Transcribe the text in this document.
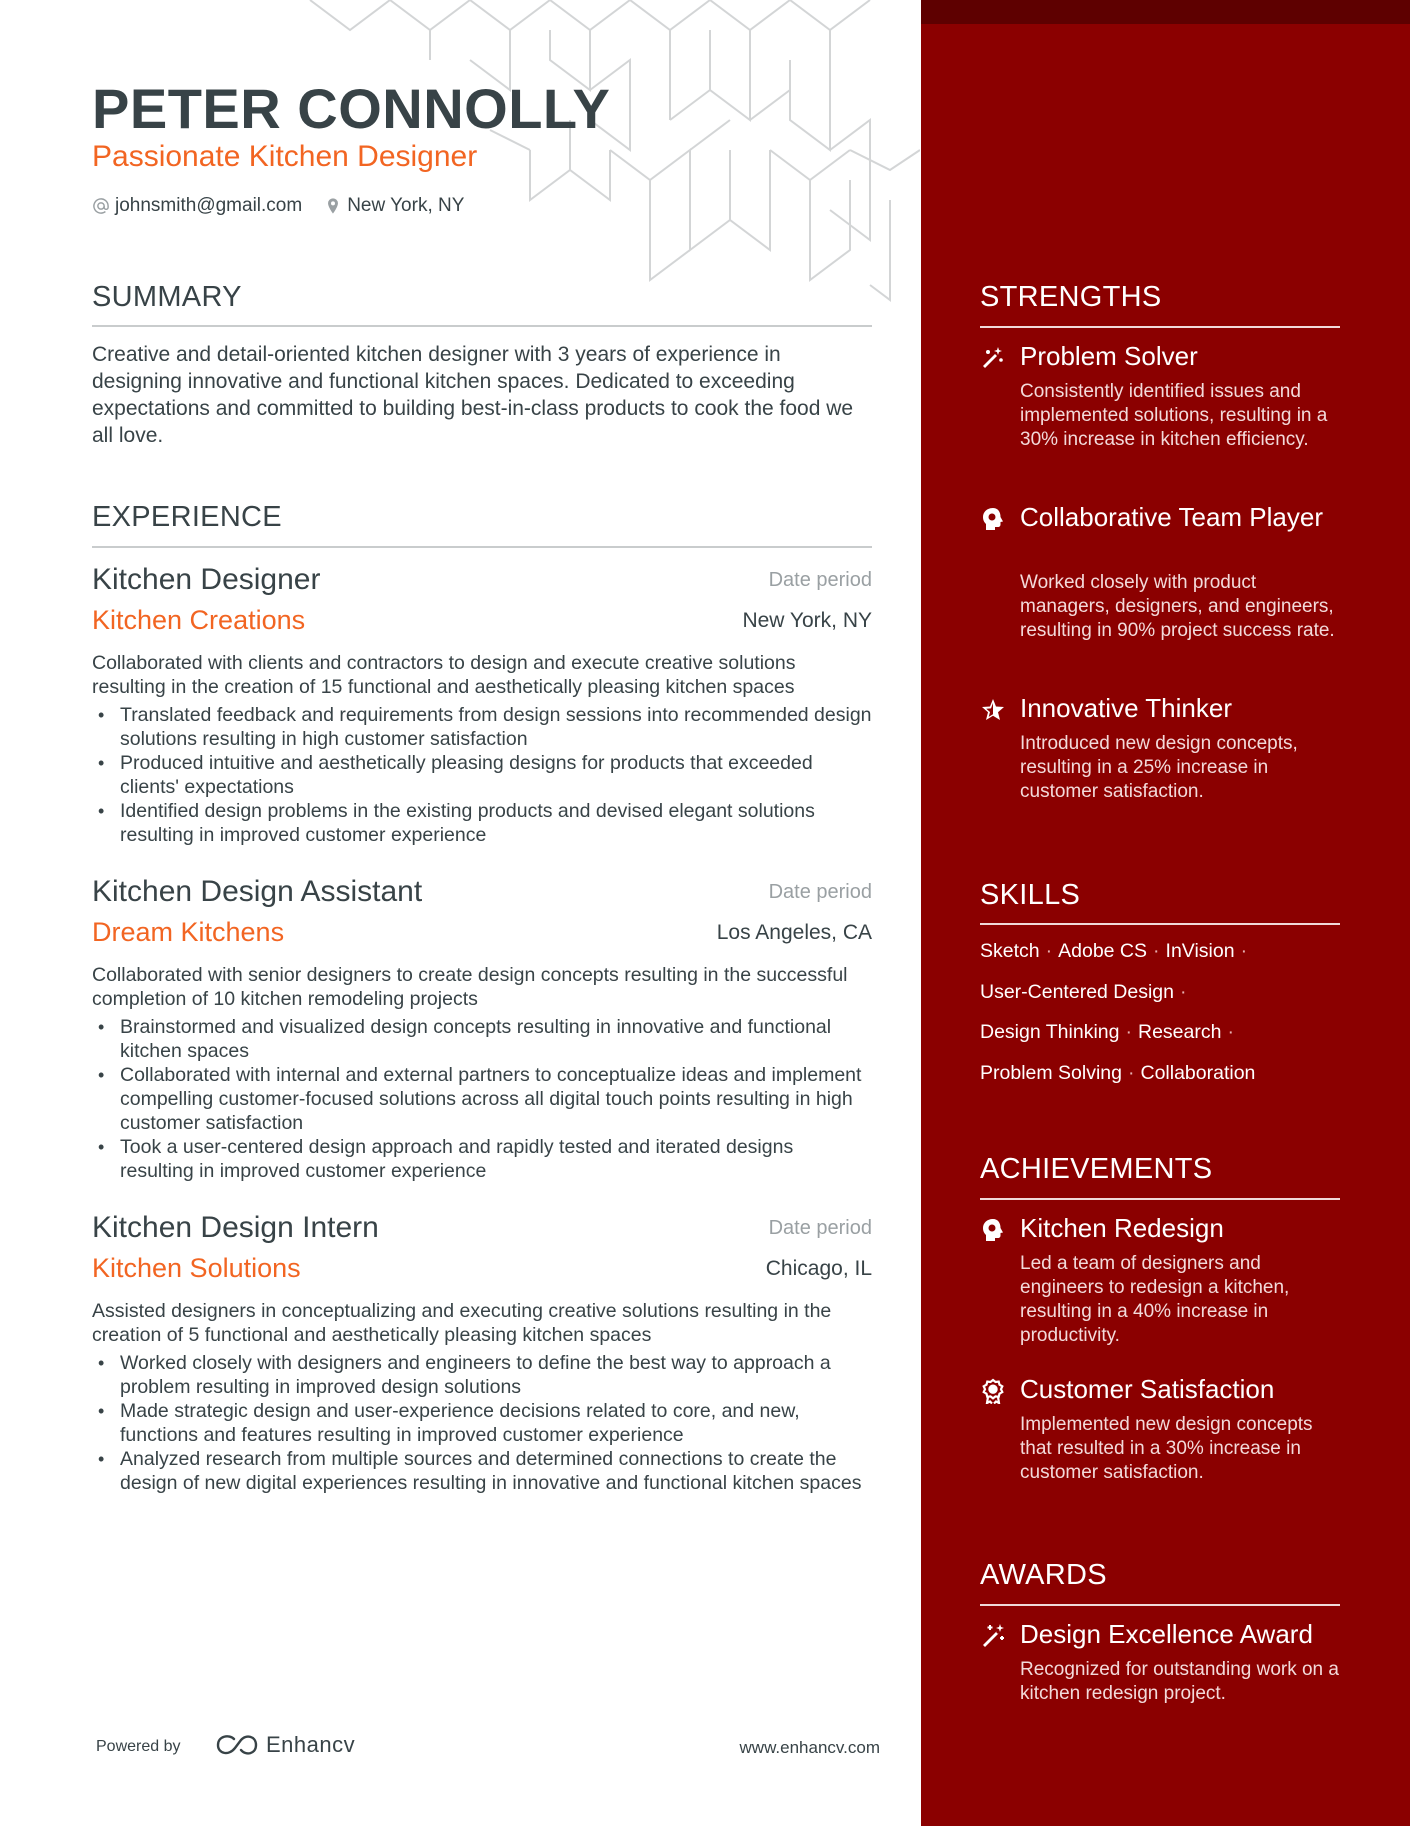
PETER CONNOLLY
Passionate Kitchen Designer
johnsmith@gmail.com New York, NY
SUMMARY
Creative and detail-oriented kitchen designer with 3 years of experience in designing innovative and functional kitchen spaces. Dedicated to exceeding expectations and committed to building best-in-class products to cook the food we all love.
EXPERIENCE
Kitchen Designer	Date period
Kitchen Creations	New York, NY
Collaborated with clients and contractors to design and execute creative solutions resulting in the creation of 15 functional and aesthetically pleasing kitchen spaces
• Translated feedback and requirements from design sessions into recommended design solutions resulting in high customer satisfaction
• Produced intuitive and aesthetically pleasing designs for products that exceeded clients' expectations
• Identified design problems in the existing products and devised elegant solutions resulting in improved customer experience
Kitchen Design Assistant	Date period
Dream Kitchens	Los Angeles, CA
Collaborated with senior designers to create design concepts resulting in the successful completion of 10 kitchen remodeling projects
• Brainstormed and visualized design concepts resulting in innovative and functional kitchen spaces
• Collaborated with internal and external partners to conceptualize ideas and implement compelling customer-focused solutions across all digital touch points resulting in high customer satisfaction
• Took a user-centered design approach and rapidly tested and iterated designs resulting in improved customer experience
Kitchen Design Intern	Date period
Kitchen Solutions	Chicago, IL
Assisted designers in conceptualizing and executing creative solutions resulting in the creation of 5 functional and aesthetically pleasing kitchen spaces
• Worked closely with designers and engineers to define the best way to approach a problem resulting in improved design solutions
• Made strategic design and user-experience decisions related to core, and new, functions and features resulting in improved customer experience
• Analyzed research from multiple sources and determined connections to create the design of new digital experiences resulting in innovative and functional kitchen spaces
Powered by	Enhancv	www.enhancv.com
STRENGTHS
Problem Solver
Consistently identified issues and implemented solutions, resulting in a 30% increase in kitchen efficiency.
Collaborative Team Player
Worked closely with product managers, designers, and engineers, resulting in 90% project success rate.
Innovative Thinker
Introduced new design concepts, resulting in a 25% increase in customer satisfaction.
SKILLS
Sketch · Adobe CS · InVision ·
User-Centered Design ·
Design Thinking · Research ·
Problem Solving · Collaboration
ACHIEVEMENTS
Kitchen Redesign
Led a team of designers and engineers to redesign a kitchen, resulting in a 40% increase in productivity.
Customer Satisfaction
Implemented new design concepts that resulted in a 30% increase in customer satisfaction.
AWARDS
Design Excellence Award
Recognized for outstanding work on a kitchen redesign project.
